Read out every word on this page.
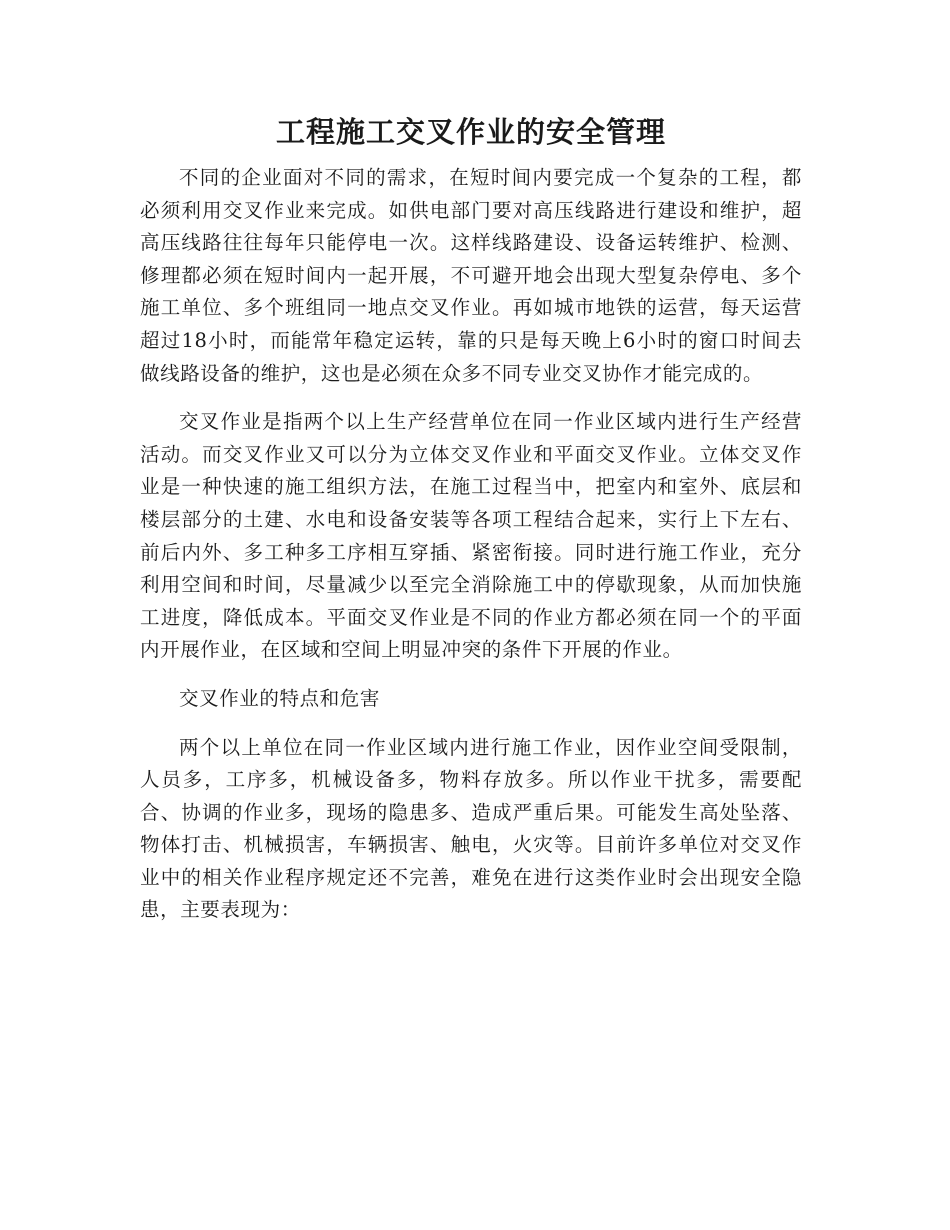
工程施工交叉作业的安全管理

不同的企业面对不同的需求，在短时间内要完成一个复杂的工程，都必须利用交叉作业来完成。如供电部门要对高压线路进行建设和维护，超高压线路往往每年只能停电一次。这样线路建设、设备运转维护、检测、修理都必须在短时间内一起开展，不可避开地会出现大型复杂停电、多个施工单位、多个班组同一地点交叉作业。再如城市地铁的运营，每天运营超过18小时，而能常年稳定运转，靠的只是每天晚上6小时的窗口时间去做线路设备的维护，这也是必须在众多不同专业交叉协作才能完成的。

交叉作业是指两个以上生产经营单位在同一作业区域内进行生产经营活动。而交叉作业又可以分为立体交叉作业和平面交叉作业。立体交叉作业是一种快速的施工组织方法，在施工过程当中，把室内和室外、底层和楼层部分的土建、水电和设备安装等各项工程结合起来，实行上下左右、前后内外、多工种多工序相互穿插、紧密衔接。同时进行施工作业，充分利用空间和时间，尽量减少以至完全消除施工中的停歇现象，从而加快施工进度，降低成本。平面交叉作业是不同的作业方都必须在同一个的平面内开展作业，在区域和空间上明显冲突的条件下开展的作业。

交叉作业的特点和危害

两个以上单位在同一作业区域内进行施工作业，因作业空间受限制，人员多，工序多，机械设备多，物料存放多。所以作业干扰多，需要配合、协调的作业多，现场的隐患多、造成严重后果。可能发生高处坠落、物体打击、机械损害，车辆损害、触电，火灾等。目前许多单位对交叉作业中的相关作业程序规定还不完善，难免在进行这类作业时会出现安全隐患，主要表现为：
